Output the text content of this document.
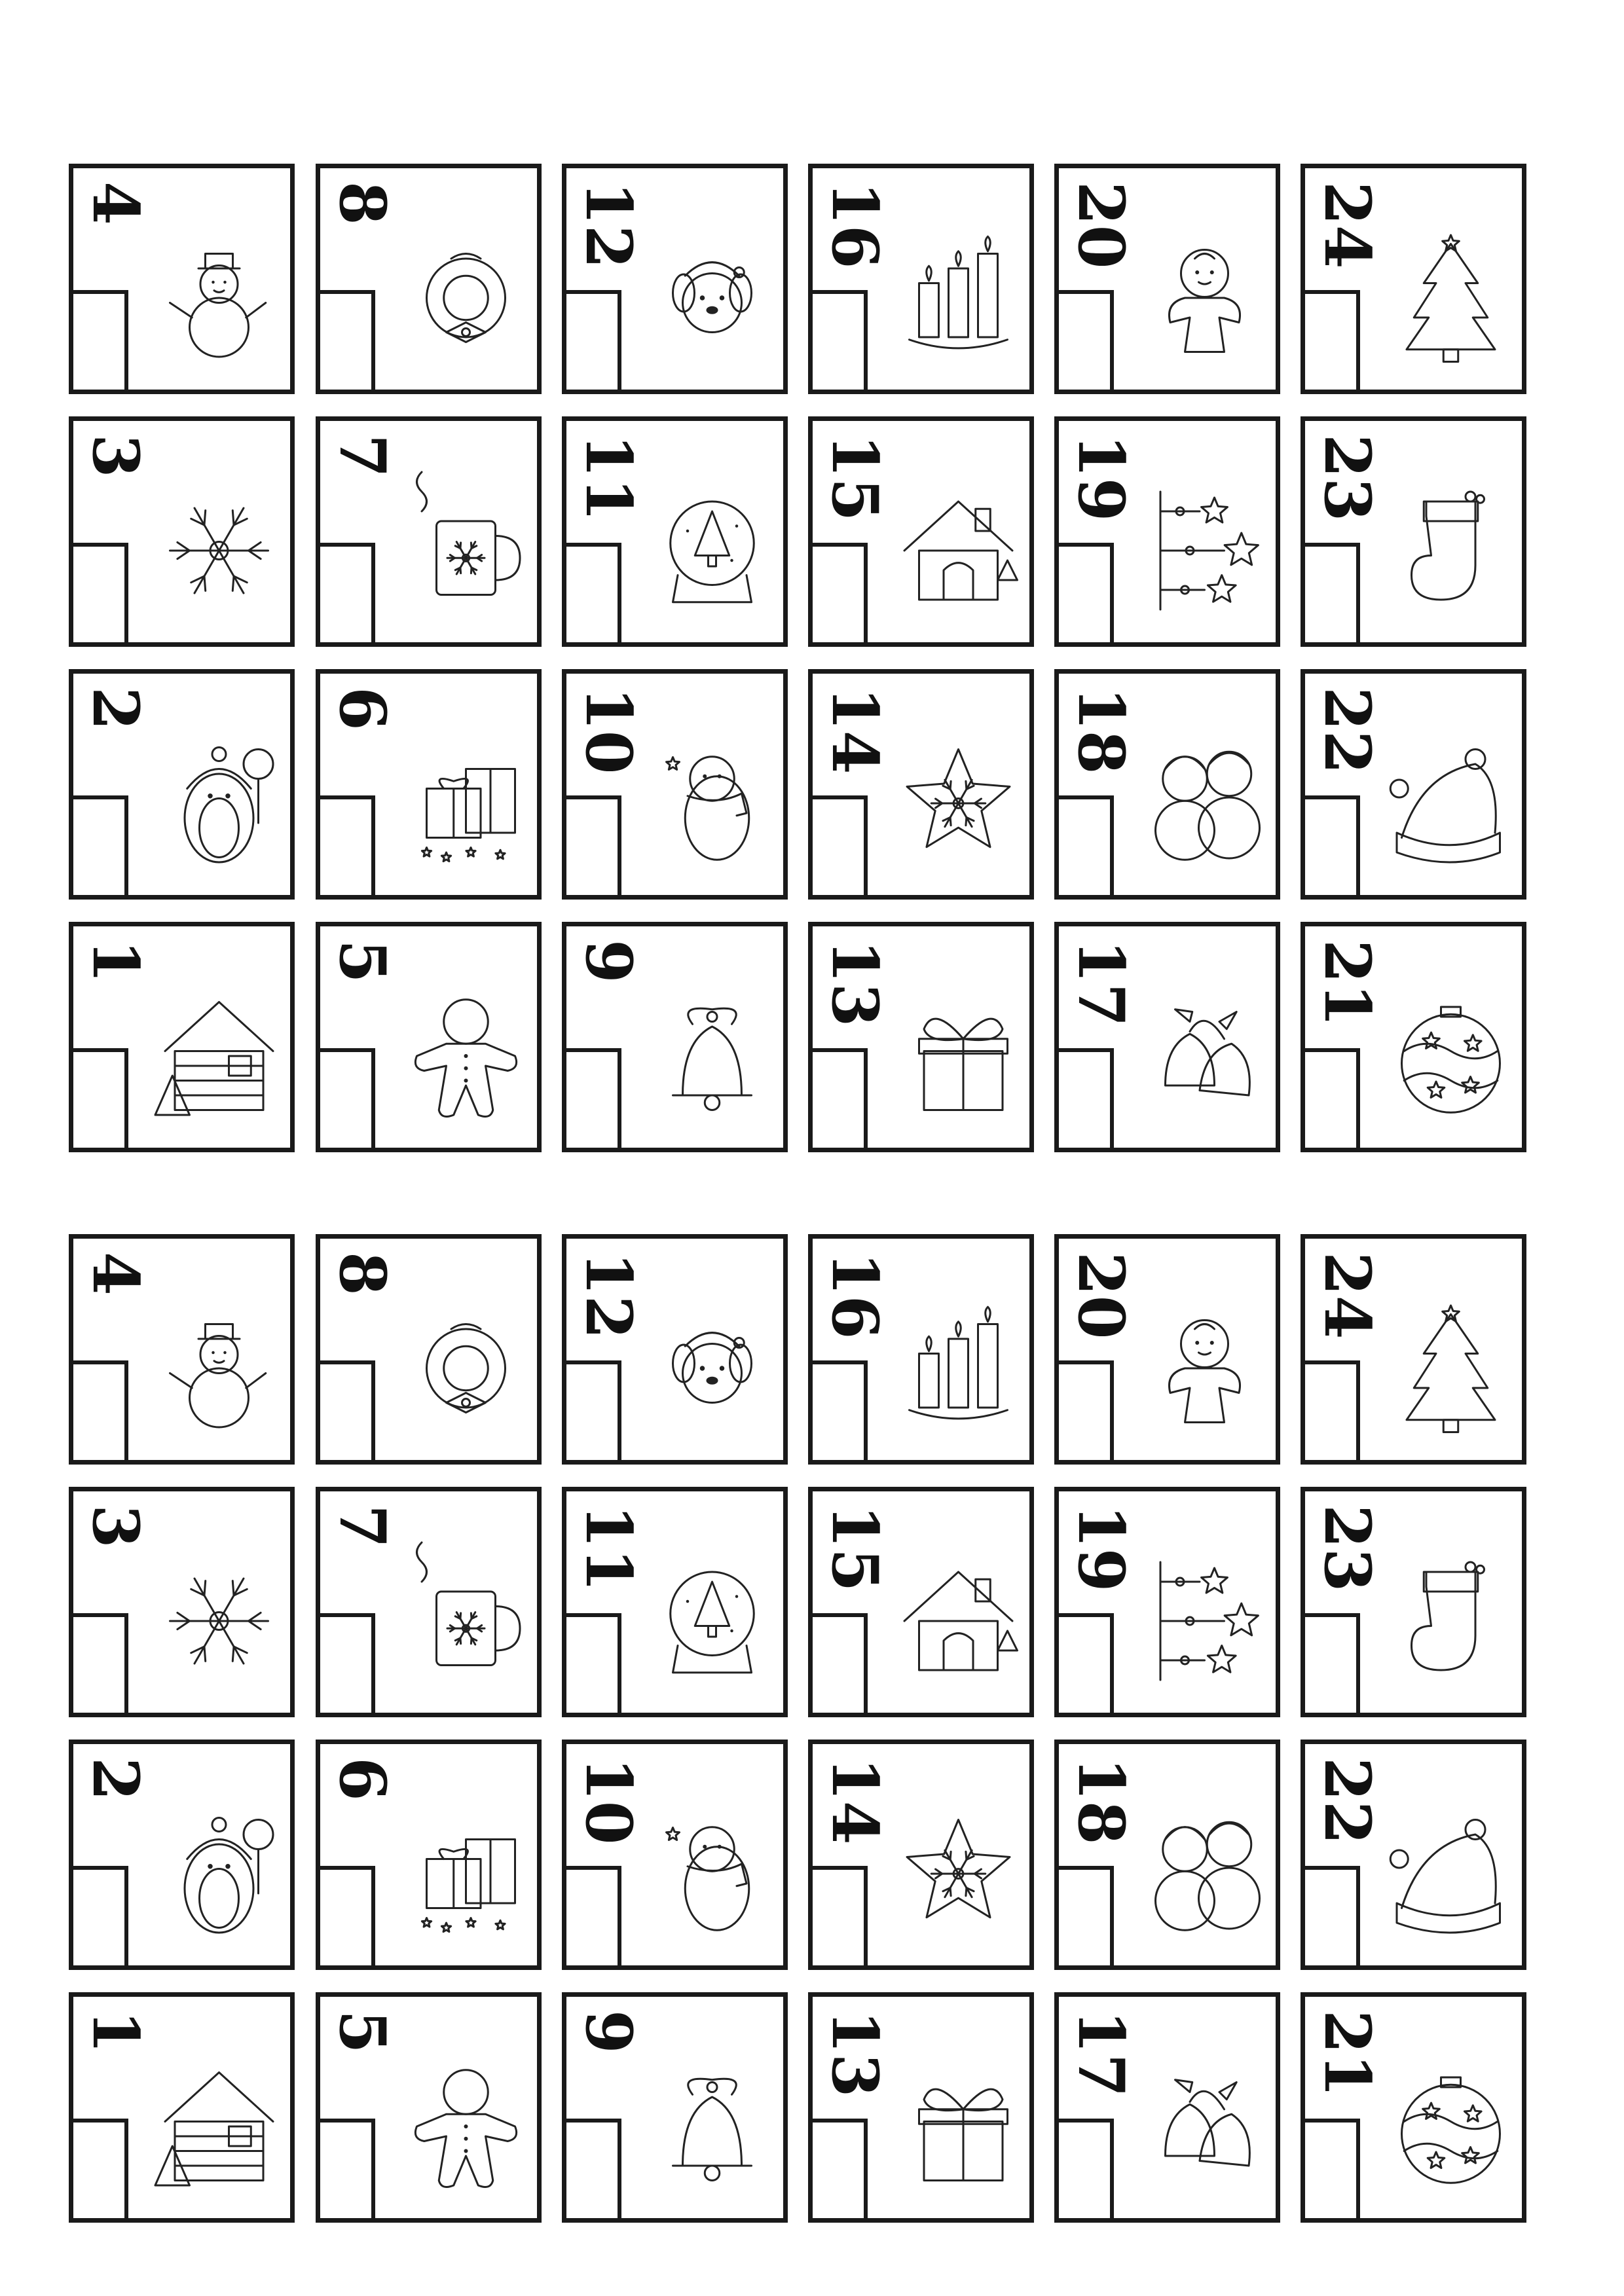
4	8	12	16	20	24
3	7	11	15	19	23
2	6	10	14	18	22
1	5	9	13	17	21
4	8	12	16	20	24
3	7	11	15	19	23
2	6	10	14	18	22
1	5	9	13	17	21
